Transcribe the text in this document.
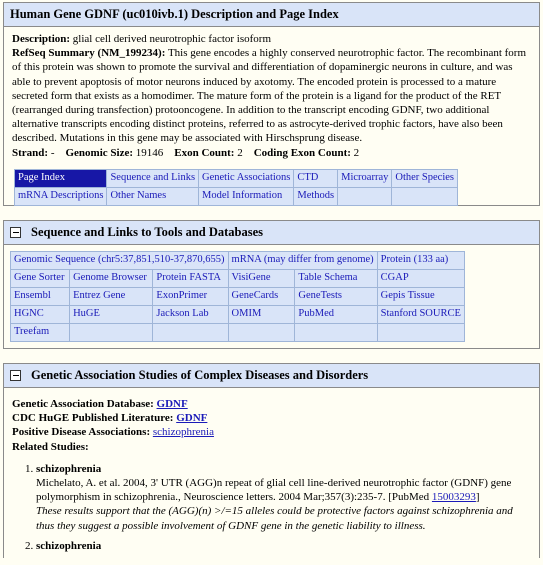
Human Gene GDNF (uc010ivb.1) Description and Page Index
Description: glial cell derived neurotrophic factor isoform
RefSeq Summary (NM_199234): This gene encodes a highly conserved neurotrophic factor. The recombinant form of this protein was shown to promote the survival and differentiation of dopaminergic neurons in culture, and was able to prevent apoptosis of motor neurons induced by axotomy. The encoded protein is processed to a mature secreted form that exists as a homodimer. The mature form of the protein is a ligand for the product of the RET (rearranged during transfection) protooncogene. In addition to the transcript encoding GDNF, two additional alternative transcripts encoding distinct proteins, referred to as astrocyte-derived trophic factors, have also been described. Mutations in this gene may be associated with Hirschsprung disease.
Strand: - Genomic Size: 19146 Exon Count: 2 Coding Exon Count: 2
Page Index	Sequence and Links	Genetic Associations	CTD	Microarray	Other Species
mRNA Descriptions	Other Names	Model Information	Methods		
Sequence and Links to Tools and Databases
Genomic Sequence (chr5:37,851,510-37,870,655)			mRNA (may differ from genome)		Protein (133 aa)
Gene Sorter	Genome Browser	Protein FASTA	VisiGene	Table Schema	CGAP
Ensembl	Entrez Gene	ExonPrimer	GeneCards	GeneTests	Gepis Tissue
HGNC	HuGE	Jackson Lab	OMIM	PubMed	Stanford SOURCE
Treefam					
Genetic Association Studies of Complex Diseases and Disorders
Genetic Association Database: GDNF
CDC HuGE Published Literature: GDNF
Positive Disease Associations: schizophrenia
Related Studies:
1. schizophrenia
Michelato, A. et al. 2004, 3' UTR (AGG)n repeat of glial cell line-derived neurotrophic factor (GDNF) gene polymorphism in schizophrenia., Neuroscience letters. 2004 Mar;357(3):235-7. [PubMed 15003293]
These results support that the (AGG)(n) >/=15 alleles could be protective factors against schizophrenia and thus they suggest a possible involvement of GDNF gene in the genetic liability to illness.
2. schizophrenia
